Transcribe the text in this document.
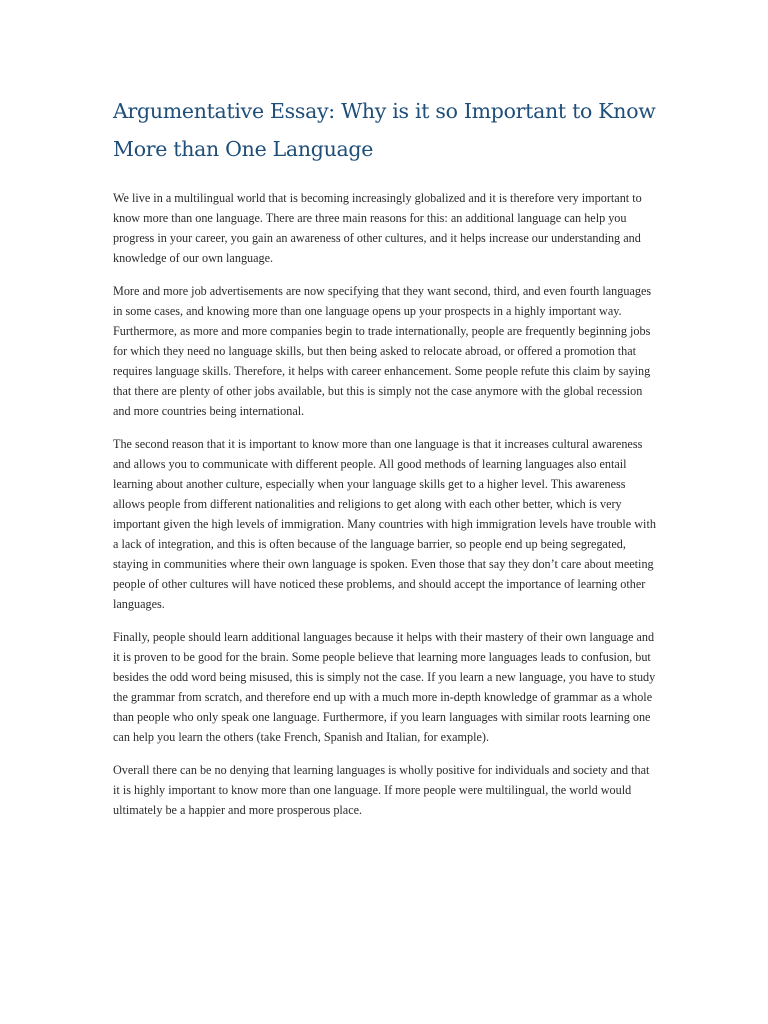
Argumentative Essay: Why is it so Important to Know More than One Language

We live in a multilingual world that is becoming increasingly globalized and it is therefore very important to know more than one language. There are three main reasons for this: an additional language can help you progress in your career, you gain an awareness of other cultures, and it helps increase our understanding and knowledge of our own language.

More and more job advertisements are now specifying that they want second, third, and even fourth languages in some cases, and knowing more than one language opens up your prospects in a highly important way. Furthermore, as more and more companies begin to trade internationally, people are frequently beginning jobs for which they need no language skills, but then being asked to relocate abroad, or offered a promotion that requires language skills. Therefore, it helps with career enhancement. Some people refute this claim by saying that there are plenty of other jobs available, but this is simply not the case anymore with the global recession and more countries being international.

The second reason that it is important to know more than one language is that it increases cultural awareness and allows you to communicate with different people. All good methods of learning languages also entail learning about another culture, especially when your language skills get to a higher level. This awareness allows people from different nationalities and religions to get along with each other better, which is very important given the high levels of immigration. Many countries with high immigration levels have trouble with a lack of integration, and this is often because of the language barrier, so people end up being segregated, staying in communities where their own language is spoken. Even those that say they don’t care about meeting people of other cultures will have noticed these problems, and should accept the importance of learning other languages.

Finally, people should learn additional languages because it helps with their mastery of their own language and it is proven to be good for the brain. Some people believe that learning more languages leads to confusion, but besides the odd word being misused, this is simply not the case. If you learn a new language, you have to study the grammar from scratch, and therefore end up with a much more in-depth knowledge of grammar as a whole than people who only speak one language. Furthermore, if you learn languages with similar roots learning one can help you learn the others (take French, Spanish and Italian, for example).

Overall there can be no denying that learning languages is wholly positive for individuals and society and that it is highly important to know more than one language. If more people were multilingual, the world would ultimately be a happier and more prosperous place.
